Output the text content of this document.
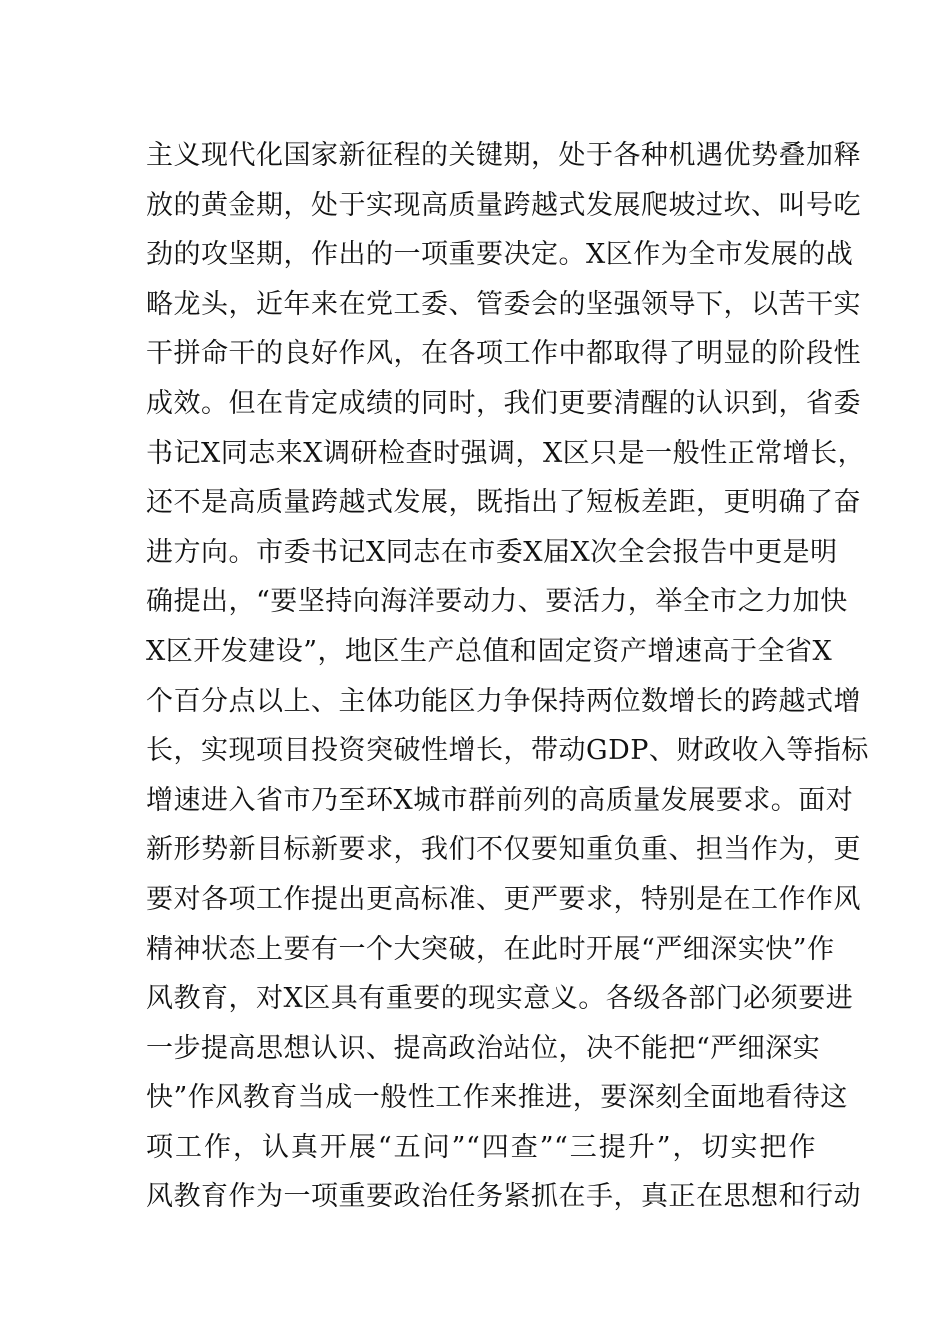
主义现代化国家新征程的关键期，处于各种机遇优势叠加释
放的黄金期，处于实现高质量跨越式发展爬坡过坎、叫号吃
劲的攻坚期，作出的一项重要决定。X区作为全市发展的战
略龙头，近年来在党工委、管委会的坚强领导下，以苦干实
干拼命干的良好作风，在各项工作中都取得了明显的阶段性
成效。但在肯定成绩的同时，我们更要清醒的认识到，省委
书记X同志来X调研检查时强调，X区只是一般性正常增长，
还不是高质量跨越式发展，既指出了短板差距，更明确了奋
进方向。市委书记X同志在市委X届X次全会报告中更是明
确提出，“要坚持向海洋要动力、要活力，举全市之力加快
X区开发建设”，地区生产总值和固定资产增速高于全省X
个百分点以上、主体功能区力争保持两位数增长的跨越式增
长，实现项目投资突破性增长，带动GDP、财政收入等指标
增速进入省市乃至环X城市群前列的高质量发展要求。面对
新形势新目标新要求，我们不仅要知重负重、担当作为，更
要对各项工作提出更高标准、更严要求，特别是在工作作风
精神状态上要有一个大突破，在此时开展“严细深实快”作
风教育，对X区具有重要的现实意义。各级各部门必须要进
一步提高思想认识、提高政治站位，决不能把“严细深实
快”作风教育当成一般性工作来推进，要深刻全面地看待这
项工作，认真开展“五问”“四查”“三提升”，切实把作
风教育作为一项重要政治任务紧抓在手，真正在思想和行动
